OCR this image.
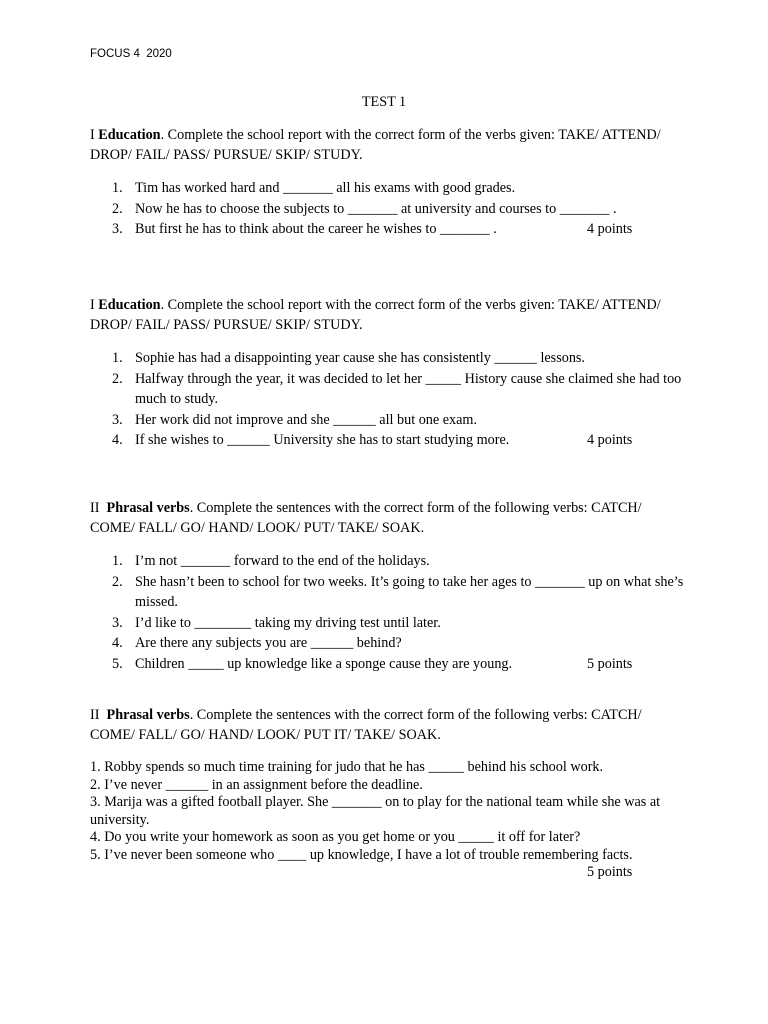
FOCUS 4  2020
TEST 1

I Education. Complete the school report with the correct form of the verbs given: TAKE/ ATTEND/ DROP/ FAIL/ PASS/ PURSUE/ SKIP/ STUDY.

1. Tim has worked hard and _______ all his exams with good grades.
2. Now he has to choose the subjects to _______ at university and courses to _______ .
3. But first he has to think about the career he wishes to _______ .	4 points

I Education. Complete the school report with the correct form of the verbs given: TAKE/ ATTEND/ DROP/ FAIL/ PASS/ PURSUE/ SKIP/ STUDY.

1. Sophie has had a disappointing year cause she has consistently ______ lessons.
2. Halfway through the year, it was decided to let her _____ History cause she claimed she had too much to study.
3. Her work did not improve and she ______ all but one exam.
4. If she wishes to ______ University she has to start studying more.	4 points

II Phrasal verbs. Complete the sentences with the correct form of the following verbs: CATCH/ COME/ FALL/ GO/ HAND/ LOOK/ PUT/ TAKE/ SOAK.

1. I’m not _______ forward to the end of the holidays.
2. She hasn’t been to school for two weeks. It’s going to take her ages to _______ up on what she’s missed.
3. I’d like to ________ taking my driving test until later.
4. Are there any subjects you are ______ behind?
5. Children _____ up knowledge like a sponge cause they are young.	5 points

II Phrasal verbs. Complete the sentences with the correct form of the following verbs: CATCH/ COME/ FALL/ GO/ HAND/ LOOK/ PUT IT/ TAKE/ SOAK.

1. Robby spends so much time training for judo that he has _____ behind his school work.

2. I’ve never ______ in an assignment before the deadline.

3. Marija was a gifted football player. She _______ on to play for the national team while she was at university.

4. Do you write your homework as soon as you get home or you _____ it off for later?

5. I’ve never been someone who ____ up knowledge, I have a lot of trouble remembering facts.

5 points
